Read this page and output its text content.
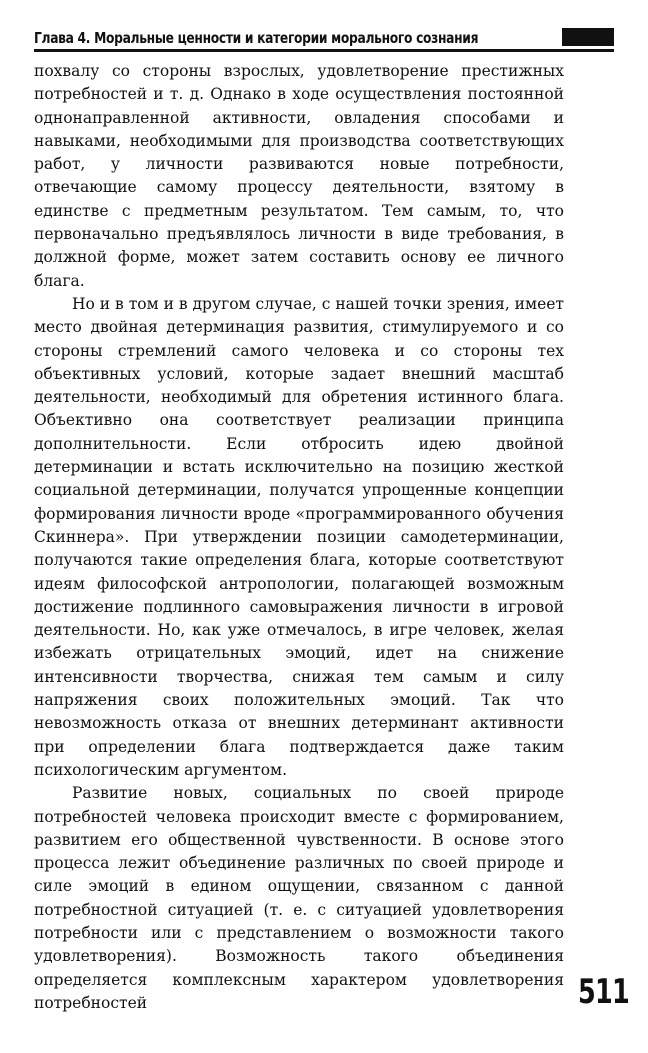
Глава 4. Моральные ценности и категории морального сознания

похвалу со стороны взрослых, удовлетворение престижных потребностей и т. д. Однако в ходе осуществления постоянной однонаправленной активности, овладения способами и навыками, необходимыми для производства соответствующих работ, у личности развиваются новые потребности, отвечающие самому процессу деятельности, взятому в единстве с предметным результатом. Тем самым, то, что первоначально предъявлялось личности в виде требования, в должной форме, может затем составить основу ее личного блага.

Но и в том и в другом случае, с нашей точки зрения, имеет место двойная детерминация развития, стимулируемого и со стороны стремлений самого человека и со стороны тех объективных условий, которые задает внешний масштаб деятельности, необходимый для обретения истинного блага. Объективно она соответствует реализации принципа дополнительности. Если отбросить идею двойной детерминации и встать исключительно на позицию жесткой социальной детерминации, получатся упрощенные концепции формирования личности вроде «программированного обучения Скиннера». При утверждении позиции самодетерминации, получаются такие определения блага, которые соответствуют идеям философской антропологии, полагающей возможным достижение подлинного самовыражения личности в игровой деятельности. Но, как уже отмечалось, в игре человек, желая избежать отрицательных эмоций, идет на снижение интенсивности творчества, снижая тем самым и силу напряжения своих положительных эмоций. Так что невозможность отказа от внешних детерминант активности при определении блага подтверждается даже таким психологическим аргументом.

Развитие новых, социальных по своей природе потребностей человека происходит вместе с формированием, развитием его общественной чувственности. В основе этого процесса лежит объединение различных по своей природе и силе эмоций в едином ощущении, связанном с данной потребностной ситуацией (т. е. с ситуацией удовлетворения потребности или с представлением о возможности такого удовлетворения). Возможность такого объединения определяется комплексным характером удовлетворения потребностей	511
